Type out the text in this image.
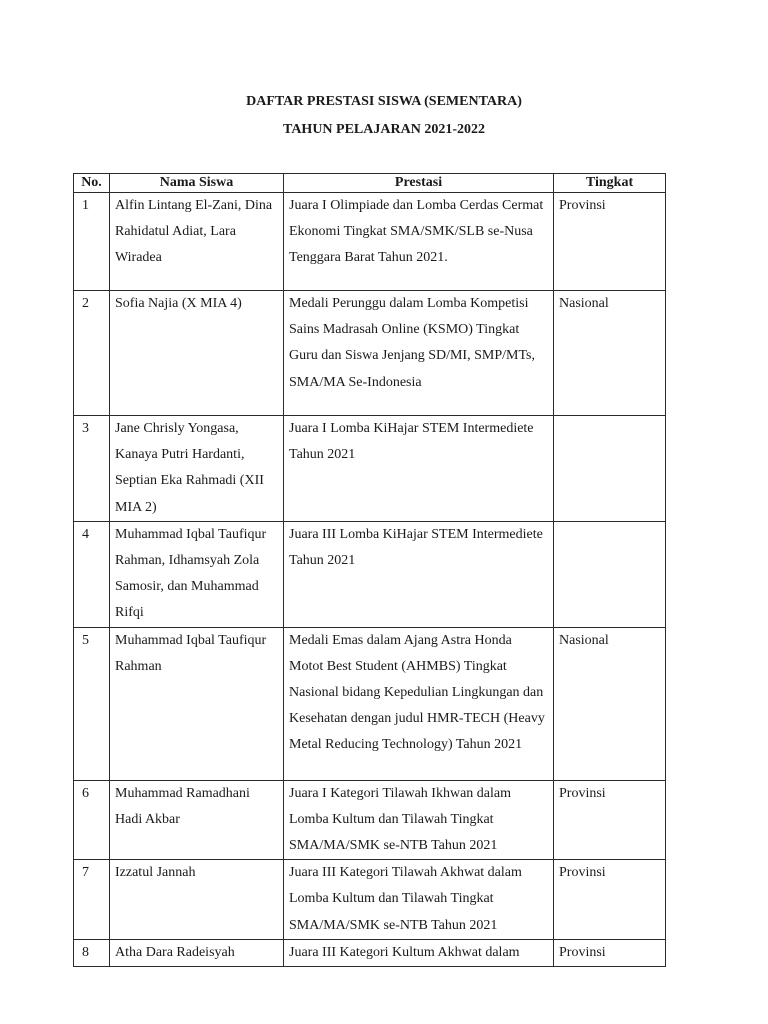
DAFTAR PRESTASI SISWA (SEMENTARA)
TAHUN PELAJARAN 2021-2022
No.	Nama Siswa	Prestasi	Tingkat
1	Alfin Lintang El-Zani, Dina Rahidatul Adiat, Lara Wiradea	Juara I Olimpiade dan Lomba Cerdas Cermat Ekonomi Tingkat SMA/SMK/SLB se-Nusa Tenggara Barat Tahun 2021.	Provinsi
2	Sofia Najia (X MIA 4)	Medali Perunggu dalam Lomba Kompetisi Sains Madrasah Online (KSMO) Tingkat Guru dan Siswa Jenjang SD/MI, SMP/MTs, SMA/MA Se-Indonesia	Nasional
3	Jane Chrisly Yongasa, Kanaya Putri Hardanti, Septian Eka Rahmadi (XII MIA 2)	Juara I Lomba KiHajar STEM Intermediete Tahun 2021	
4	Muhammad Iqbal Taufiqur Rahman, Idhamsyah Zola Samosir, dan Muhammad Rifqi	Juara III Lomba KiHajar STEM Intermediete Tahun 2021	
5	Muhammad Iqbal Taufiqur Rahman	Medali Emas dalam Ajang Astra Honda Motot Best Student (AHMBS) Tingkat Nasional bidang Kepedulian Lingkungan dan Kesehatan dengan judul HMR-TECH (Heavy Metal Reducing Technology) Tahun 2021	Nasional
6	Muhammad Ramadhani Hadi Akbar	Juara I Kategori Tilawah Ikhwan dalam Lomba Kultum dan Tilawah Tingkat SMA/MA/SMK se-NTB Tahun 2021	Provinsi
7	Izzatul Jannah	Juara III Kategori Tilawah Akhwat dalam Lomba Kultum dan Tilawah Tingkat SMA/MA/SMK se-NTB Tahun 2021	Provinsi
8	Atha Dara Radeisyah	Juara III Kategori Kultum Akhwat dalam	Provinsi
